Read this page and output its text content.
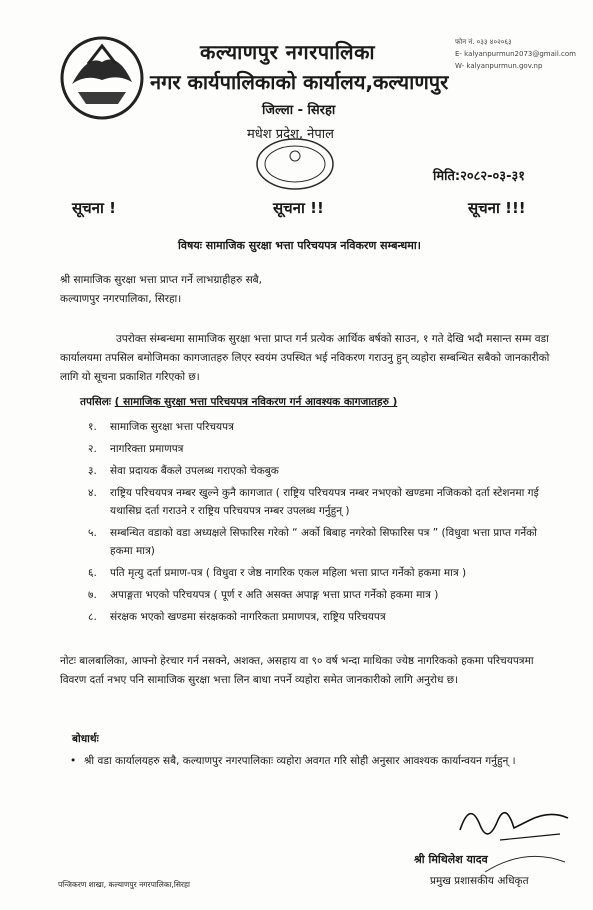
कल्याणपुर नगरपालिका
नगर कार्यपालिकाको कार्यालय,कल्याणपुर
जिल्ला - सिरहा
मधेश प्रदेश, नेपाल
फोन नं. ०३३ ४०२०६३
E- kalyanpurmun2073@gmail.com
W- kalyanpurmun.gov.np
मिति:२०८२-०३-३१
सूचना !	सूचना !!	सूचना !!!
विषयः सामाजिक सुरक्षा भत्ता परिचयपत्र नविकरण सम्बन्धमा।
श्री सामाजिक सुरक्षा भत्ता प्राप्त गर्ने लाभग्राहीहरु सबै,
कल्याणपुर नगरपालिका, सिरहा।
उपरोक्त संम्बन्धमा सामाजिक सुरक्षा भत्ता प्राप्त गर्न प्रत्येक आर्थिक बर्षको साउन, १ गते देखि भदौ मसान्त सम्म वडा कार्यालयमा तपसिल बमोजिमका कागजातहरु लिएर स्वयंम उपस्थित भई नविकरण गराउनु हुन् व्यहोरा सम्बन्धित सबैको जानकारीको लागि यो सूचना प्रकाशित गरिएको छ।
तपसिलः ( सामाजिक सुरक्षा भत्ता परिचयपत्र नविकरण गर्न आवश्यक कागजातहरु )
१.	सामाजिक सुरक्षा भत्ता परिचयपत्र
२.	नागरिक्ता प्रमाणपत्र
३.	सेवा प्रदायक बैंकले उपलब्ध गराएको चेकबुक
४.	राष्ट्रिय परिचयपत्र नम्बर खुल्ने कुनै कागजात ( राष्ट्रिय परिचयपत्र नम्बर नभएको खण्डमा नजिकको दर्ता स्टेशनमा गई यथासिघ्र दर्ता गराउने र राष्ट्रिय परिचयपत्र नम्बर उपलब्ध गर्नुहुन् )
५.	सम्बन्धित वडाको वडा अध्यक्षले सिफारिस गरेको “ अर्को बिबाह नगरेको सिफारिस पत्र ” (विधुवा भत्ता प्राप्त गर्नेको हकमा मात्र)
६.	पति मृत्यु दर्ता प्रमाण-पत्र ( विधुवा र जेष्ठ नागरिक एकल महिला भत्ता प्राप्त गर्नेको हकमा मात्र )
७.	अपाङ्गता भएको परिचयपत्र ( पूर्ण र अति असक्त अपाङ्ग भत्ता प्राप्त गर्नेको हकमा मात्र )
८.	संरक्षक भएको खण्डमा संरक्षकको नागरिकता प्रमाणपत्र, राष्ट्रिय परिचयपत्र
नोटः बालबालिका, आफ्नो हेरचार गर्न नसक्ने, अशक्त, असहाय वा ९० वर्ष भन्दा माथिका ज्येष्ठ नागरिकको हकमा परिचयपत्रमा विवरण दर्ता नभए पनि सामाजिक सुरक्षा भत्ता लिन बाधा नपर्ने व्यहोरा समेत जानकारीको लागि अनुरोध छ।
बोधार्थः
• श्री वडा कार्यालयहरु सबै, कल्याणपुर नगरपालिकाः व्यहोरा अवगत गरि सोही अनुसार आवश्यक कार्यान्वयन गर्नुहुन् ।
श्री मिथिलेश यादव
प्रमुख प्रशासकीय अधिकृत
पन्जिकरण शाखा, कल्याणपुर नगरपालिका,सिरहा
